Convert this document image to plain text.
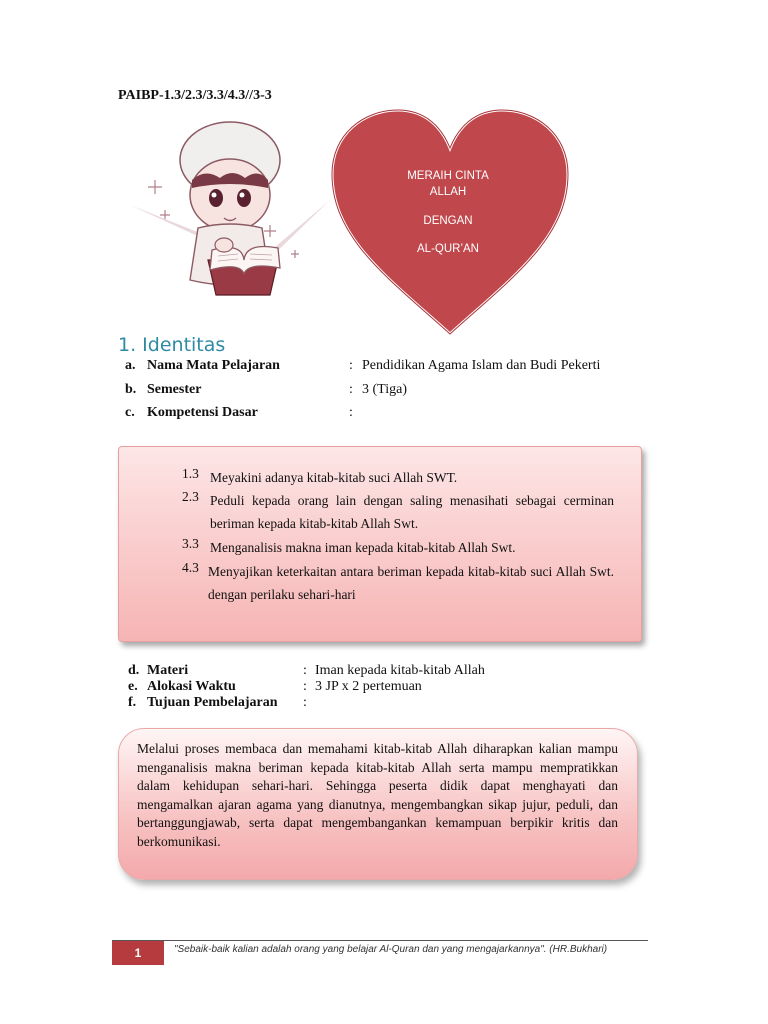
PAIBP-1.3/2.3/3.3/4.3//3-3
MERAIH CINTA
ALLAH
DENGAN
AL-QUR’AN
1. Identitas
a. Nama Mata Pelajaran	: Pendidikan Agama Islam dan Budi Pekerti
b. Semester	: 3 (Tiga)
c. Kompetensi Dasar	:
1.3 Meyakini adanya kitab-kitab suci Allah SWT.
2.3 Peduli kepada orang lain dengan saling menasihati sebagai cerminan beriman kepada kitab-kitab Allah Swt.
3.3 Menganalisis makna iman kepada kitab-kitab Allah Swt.
4.3 Menyajikan keterkaitan antara beriman kepada kitab-kitab suci Allah Swt. dengan perilaku sehari-hari
d. Materi	: Iman kepada kitab-kitab Allah
e. Alokasi Waktu	: 3 JP x 2 pertemuan
f. Tujuan Pembelajaran :
Melalui proses membaca dan memahami kitab-kitab Allah diharapkan kalian mampu menganalisis makna beriman kepada kitab-kitab Allah serta mampu mempratikkan dalam kehidupan sehari-hari. Sehingga peserta didik dapat menghayati dan mengamalkan ajaran agama yang dianutnya, mengembangkan sikap jujur, peduli, dan bertanggungjawab, serta dapat mengembangankan kemampuan berpikir kritis dan berkomunikasi.
1	"Sebaik-baik kalian adalah orang yang belajar Al-Quran dan yang mengajarkannya". (HR.Bukhari)
